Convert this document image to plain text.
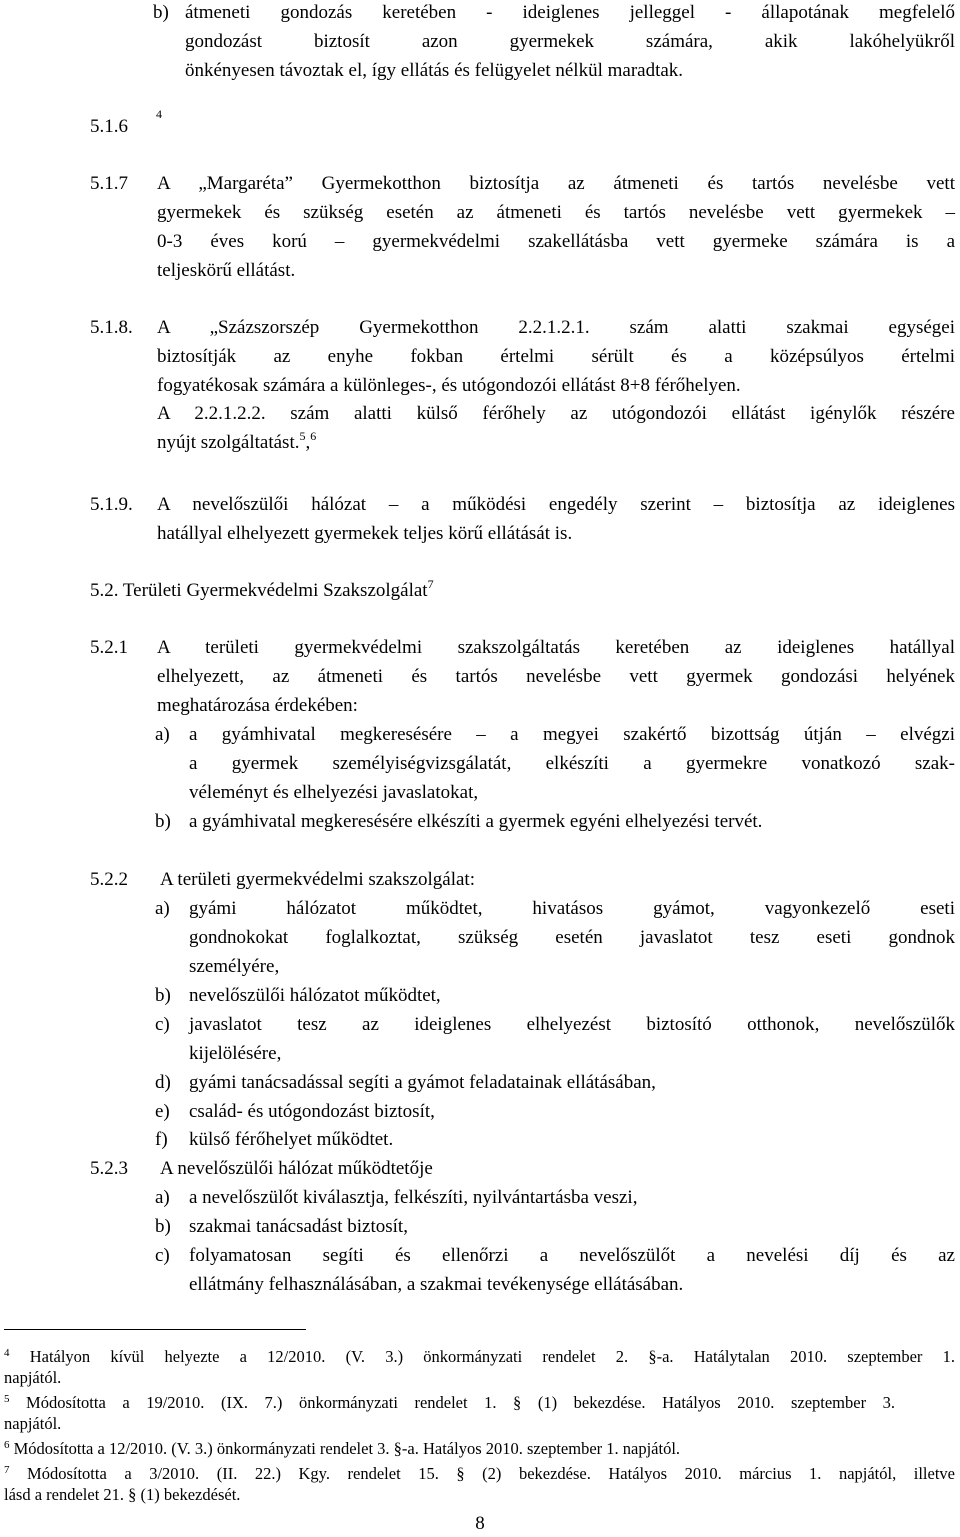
b) átmeneti gondozás keretében - ideiglenes jelleggel - állapotának megfelelő
gondozást biztosít azon gyermekek számára, akik lakóhelyükről
önkényesen távoztak el, így ellátás és felügyelet nélkül maradtak.
5.1.6
4
5.1.7 A „Margaréta” Gyermekotthon biztosítja az átmeneti és tartós nevelésbe vett
gyermekek és szükség esetén az átmeneti és tartós nevelésbe vett gyermekek –
0-3 éves korú – gyermekvédelmi szakellátásba vett gyermeke számára is a
teljeskörű ellátást.
5.1.8. A „Százszorszép Gyermekotthon 2.2.1.2.1. szám alatti szakmai egységei
biztosítják az enyhe fokban értelmi sérült és a középsúlyos értelmi
fogyatékosak számára a különleges-, és utógondozói ellátást 8+8 férőhelyen.
A 2.2.1.2.2. szám alatti külső férőhely az utógondozói ellátást igénylők részére
nyújt szolgáltatást.$^5$,$^6$
5.1.9. A nevelőszülői hálózat – a működési engedély szerint – biztosítja az ideiglenes
hatállyal elhelyezett gyermekek teljes körű ellátását is.
5.2. Területi Gyermekvédelmi Szakszolgálat$^7$
5.2.1 A területi gyermekvédelmi szakszolgáltatás keretében az ideiglenes hatállyal
elhelyezett, az átmeneti és tartós nevelésbe vett gyermek gondozási helyének
meghatározása érdekében:
a) a gyámhivatal megkeresésére – a megyei szakértő bizottság útján – elvégzi
a gyermek személyiségvizsgálatát, elkészíti a gyermekre vonatkozó szak-
véleményt és elhelyezési javaslatokat,
b) a gyámhivatal megkeresésére elkészíti a gyermek egyéni elhelyezési tervét.
5.2.2 A területi gyermekvédelmi szakszolgálat:
a) gyámi hálózatot működtet, hivatásos gyámot, vagyonkezelő eseti
gondnokokat foglalkoztat, szükség esetén javaslatot tesz eseti gondnok
személyére,
b) nevelőszülői hálózatot működtet,
c) javaslatot tesz az ideiglenes elhelyezést biztosító otthonok, nevelőszülők
kijelölésére,
d) gyámi tanácsadással segíti a gyámot feladatainak ellátásában,
e) család- és utógondozást biztosít,
f) külső férőhelyet működtet.
5.2.3 A nevelőszülői hálózat működtetője
a) a nevelőszülőt kiválasztja, felkészíti, nyilvántartásba veszi,
b) szakmai tanácsadást biztosít,
c) folyamatosan segíti és ellenőrzi a nevelőszülőt a nevelési díj és az
ellátmány felhasználásában, a szakmai tevékenysége ellátásában.
$^4$ Hatályon kívül helyezte a 12/2010. (V. 3.) önkormányzati rendelet 2. §-a. Hatálytalan 2010. szeptember 1.
napjától.
$^5$ Módosította a 19/2010. (IX. 7.) önkormányzati rendelet 1. § (1) bekezdése. Hatályos 2010. szeptember 3.
napjától.
$^6$ Módosította a 12/2010. (V. 3.) önkormányzati rendelet 3. §-a. Hatályos 2010. szeptember 1. napjától.
$^7$ Módosította a 3/2010. (II. 22.) Kgy. rendelet 15. § (2) bekezdése. Hatályos 2010. március 1. napjától, illetve
lásd a rendelet 21. § (1) bekezdését.
8
